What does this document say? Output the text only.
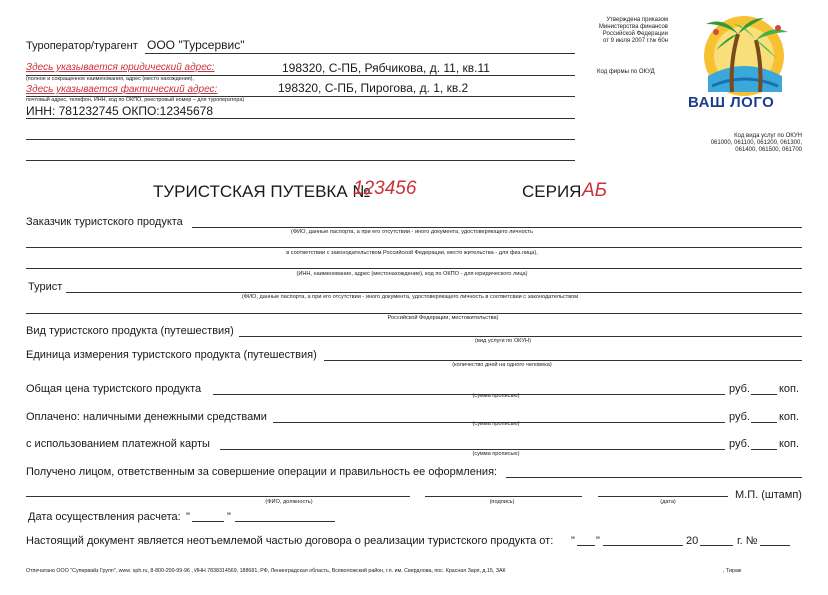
Туроператор/турагент ООО "Турсервис"
Здесь указывается юридический адрес:	198320, С-ПБ, Рябчикова, д. 11, кв.11
(полное и сокращенное наименования, адрес (место нахождения),
Здесь указывается фактический адрес:	198320, С-ПБ, Пирогова, д. 1, кв.2
почтовый адрес, телефон, ИНН, код по ОКПО, реестровый номер – для туроператора)
ИНН: 781232745 ОКПО:12345678
Утверждена приказом
Министерства финансов
Российской Федерации
от 9 июля 2007 г.№ 60н
Код фирмы по ОКУД
Код вида услуг по ОКУН
061000, 061100, 061200, 061300,
061400, 061500, 061700
ВАШ ЛОГО
ТУРИСТСКАЯ ПУТЕВКА №
123456	СЕРИЯ АБ
Заказчик туристского продукта
(ФИО, данные паспорта, а при его отсутствии - иного документа, удостоверяющего личность
в соответствии с законодательством Российской Федерации, место жительства - для физ.лица),
(ИНН, наименование, адрес (местонахождение), код по ОКПО - для юридического лица)
Турист
(ФИО, данные паспорта, а при его отсутствии - иного документа, удостоверяющего личность в соответсвии с законодательством
Российской Федерации, местожительства)
Вид туристского продукта (путешествия)
(вид услуги по ОКУН)
Единица измерения туристского продукта (путешествия)
(количество дней на одного человека)
Общая цена туристского продукта
(сумма прописью)
руб.	коп.
Оплачено: наличными денежными средствами
(сумма прописью)
руб.	коп.
с использованием платежной карты
(сумма прописью)
руб.	коп.
Получено лицом, ответственным за совершение операции и правильность ее оформления:
(ФИО, должность)	(подпись)	(дата)
М.П. (штамп)
Дата осуществления расчета: "	"
Настоящий документ является неотъемлемой частью договора о реализации туристского продукта от: " "	20	г. №
Отпечатано ООО "Супервайз Групп", www. sph.ru, 8-800-200-99-96 , ИНН 7838314569, 188681, РФ, Ленинградская область, Всеволожский район, г.п. им. Свердлова, пос. Красная Заря, д.15, ЗАК	, Тираж
